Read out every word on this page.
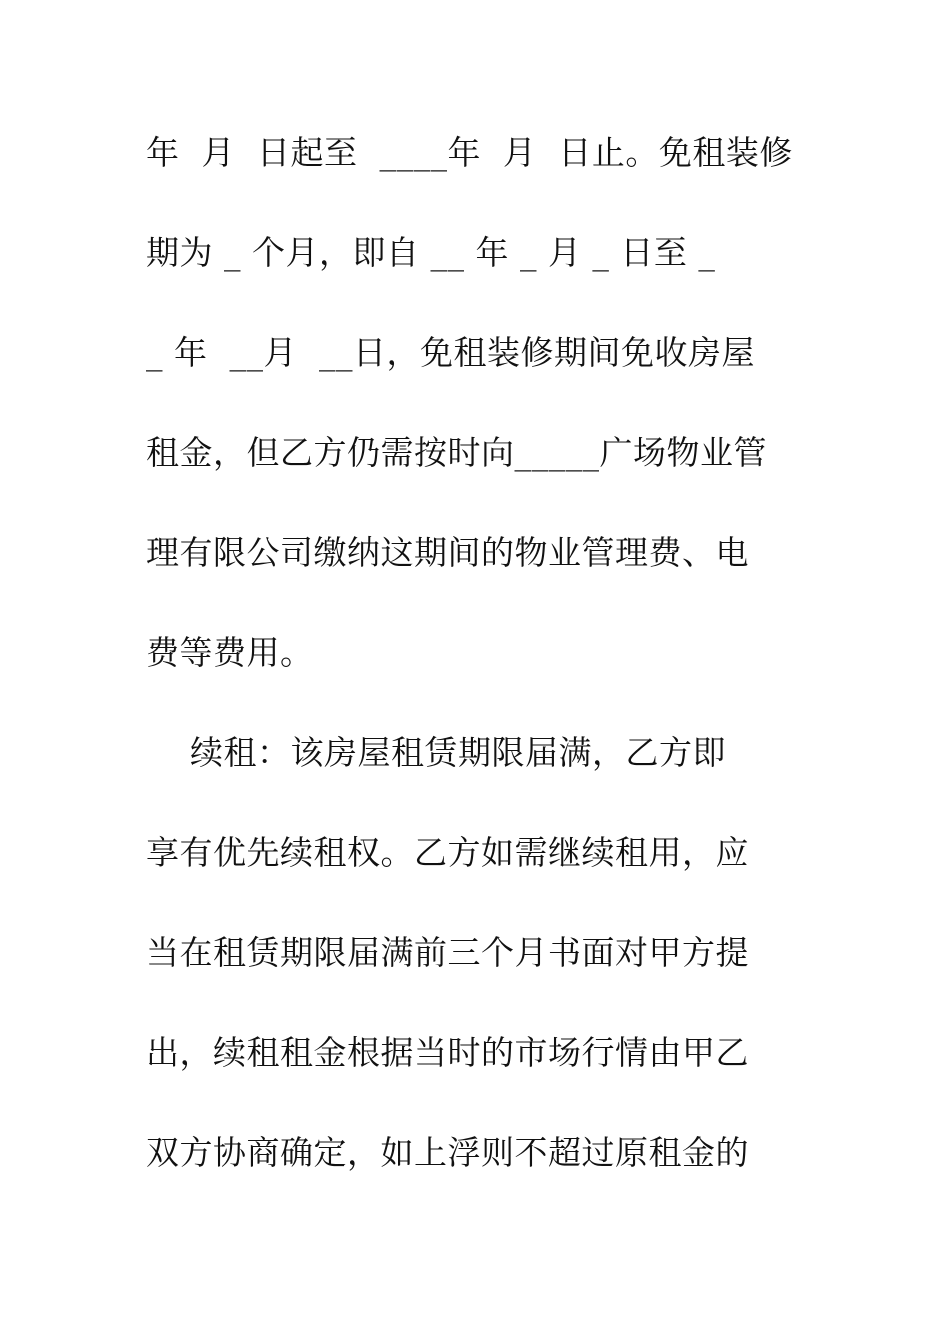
年  月  日起至  ____年  月  日止。免租装修
期为 _ 个月，即自 __ 年 _ 月 _ 日至 _
_ 年  __月  __日，免租装修期间免收房屋
租金，但乙方仍需按时向_____广场物业管
理有限公司缴纳这期间的物业管理费、电
费等费用。
续租：该房屋租赁期限届满，乙方即
享有优先续租权。乙方如需继续租用，应
当在租赁期限届满前三个月书面对甲方提
出，续租租金根据当时的市场行情由甲乙
双方协商确定，如上浮则不超过原租金的
